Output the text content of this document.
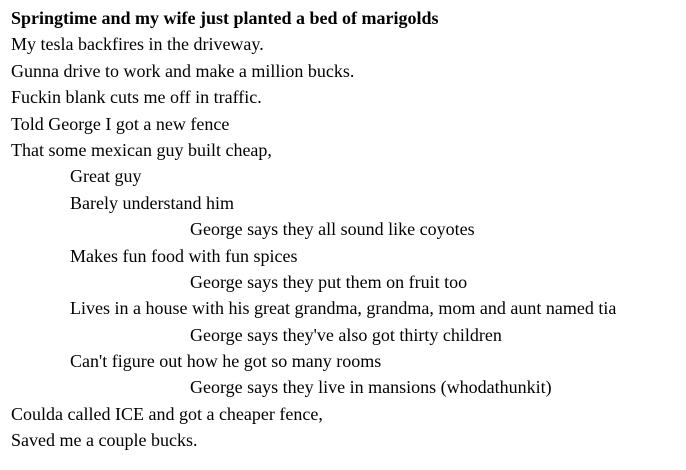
Springtime and my wife just planted a bed of marigolds
My tesla backfires in the driveway.
Gunna drive to work and make a million bucks.
Fuckin blank cuts me off in traffic.
Told George I got a new fence
That some mexican guy built cheap,
Great guy
Barely understand him
George says they all sound like coyotes
Makes fun food with fun spices
George says they put them on fruit too
Lives in a house with his great grandma, grandma, mom and aunt named tia
George says they've also got thirty children
Can't figure out how he got so many rooms
George says they live in mansions (whodathunkit)
Coulda called ICE and got a cheaper fence,
Saved me a couple bucks.
